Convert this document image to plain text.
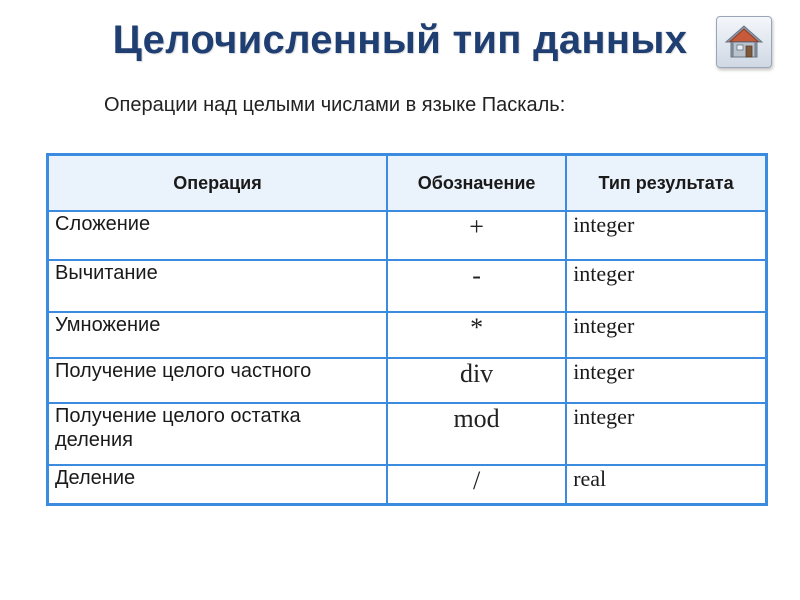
Целочисленный тип данных
Операции над целыми числами в языке Паскаль:
Операция	Обозначение	Тип результата
Сложение	+	integer
Вычитание	-	integer
Умножение	*	integer
Получение целого частного	div	integer
Получение целого остатка деления	mod	integer
Деление	/	real
